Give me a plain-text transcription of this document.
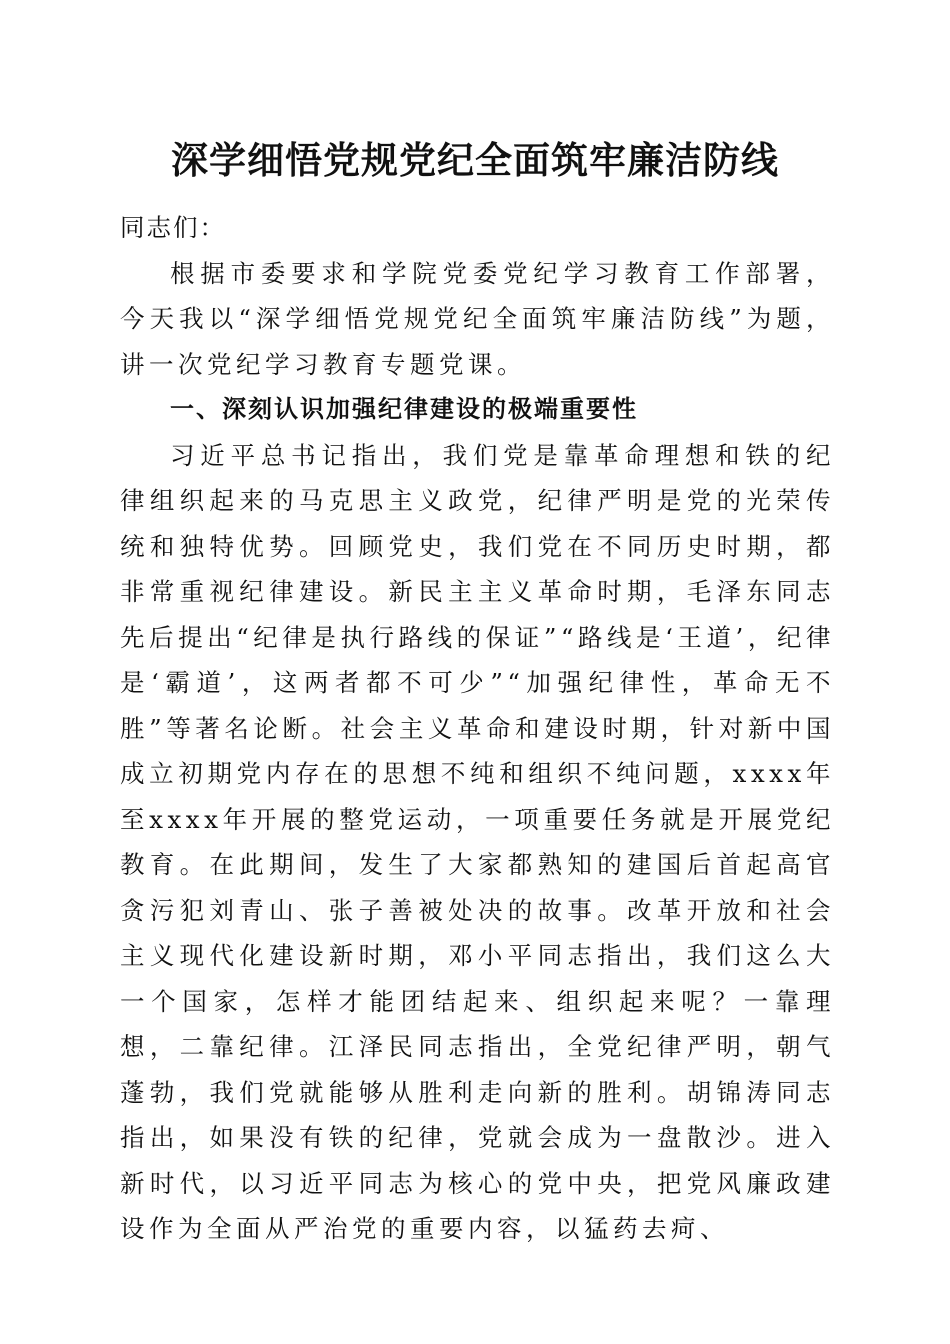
深学细悟党规党纪全面筑牢廉洁防线

同志们：

根据市委要求和学院党委党纪学习教育工作部署，今天我以“深学细悟党规党纪全面筑牢廉洁防线”为题，讲一次党纪学习教育专题党课。

一、深刻认识加强纪律建设的极端重要性

习近平总书记指出，我们党是靠革命理想和铁的纪律组织起来的马克思主义政党，纪律严明是党的光荣传统和独特优势。回顾党史，我们党在不同历史时期，都非常重视纪律建设。新民主主义革命时期，毛泽东同志先后提出“纪律是执行路线的保证”“路线是‘王道’，纪律是‘霸道’，这两者都不可少”“加强纪律性，革命无不胜”等著名论断。社会主义革命和建设时期，针对新中国成立初期党内存在的思想不纯和组织不纯问题，xxxx年至xxxx年开展的整党运动，一项重要任务就是开展党纪教育。在此期间，发生了大家都熟知的建国后首起高官贪污犯刘青山、张子善被处决的故事。改革开放和社会主义现代化建设新时期，邓小平同志指出，我们这么大一个国家，怎样才能团结起来、组织起来呢？一靠理想，二靠纪律。江泽民同志指出，全党纪律严明，朝气蓬勃，我们党就能够从胜利走向新的胜利。胡锦涛同志指出，如果没有铁的纪律，党就会成为一盘散沙。进入新时代，以习近平同志为核心的党中央，把党风廉政建设作为全面从严治党的重要内容，以猛药去疴、
